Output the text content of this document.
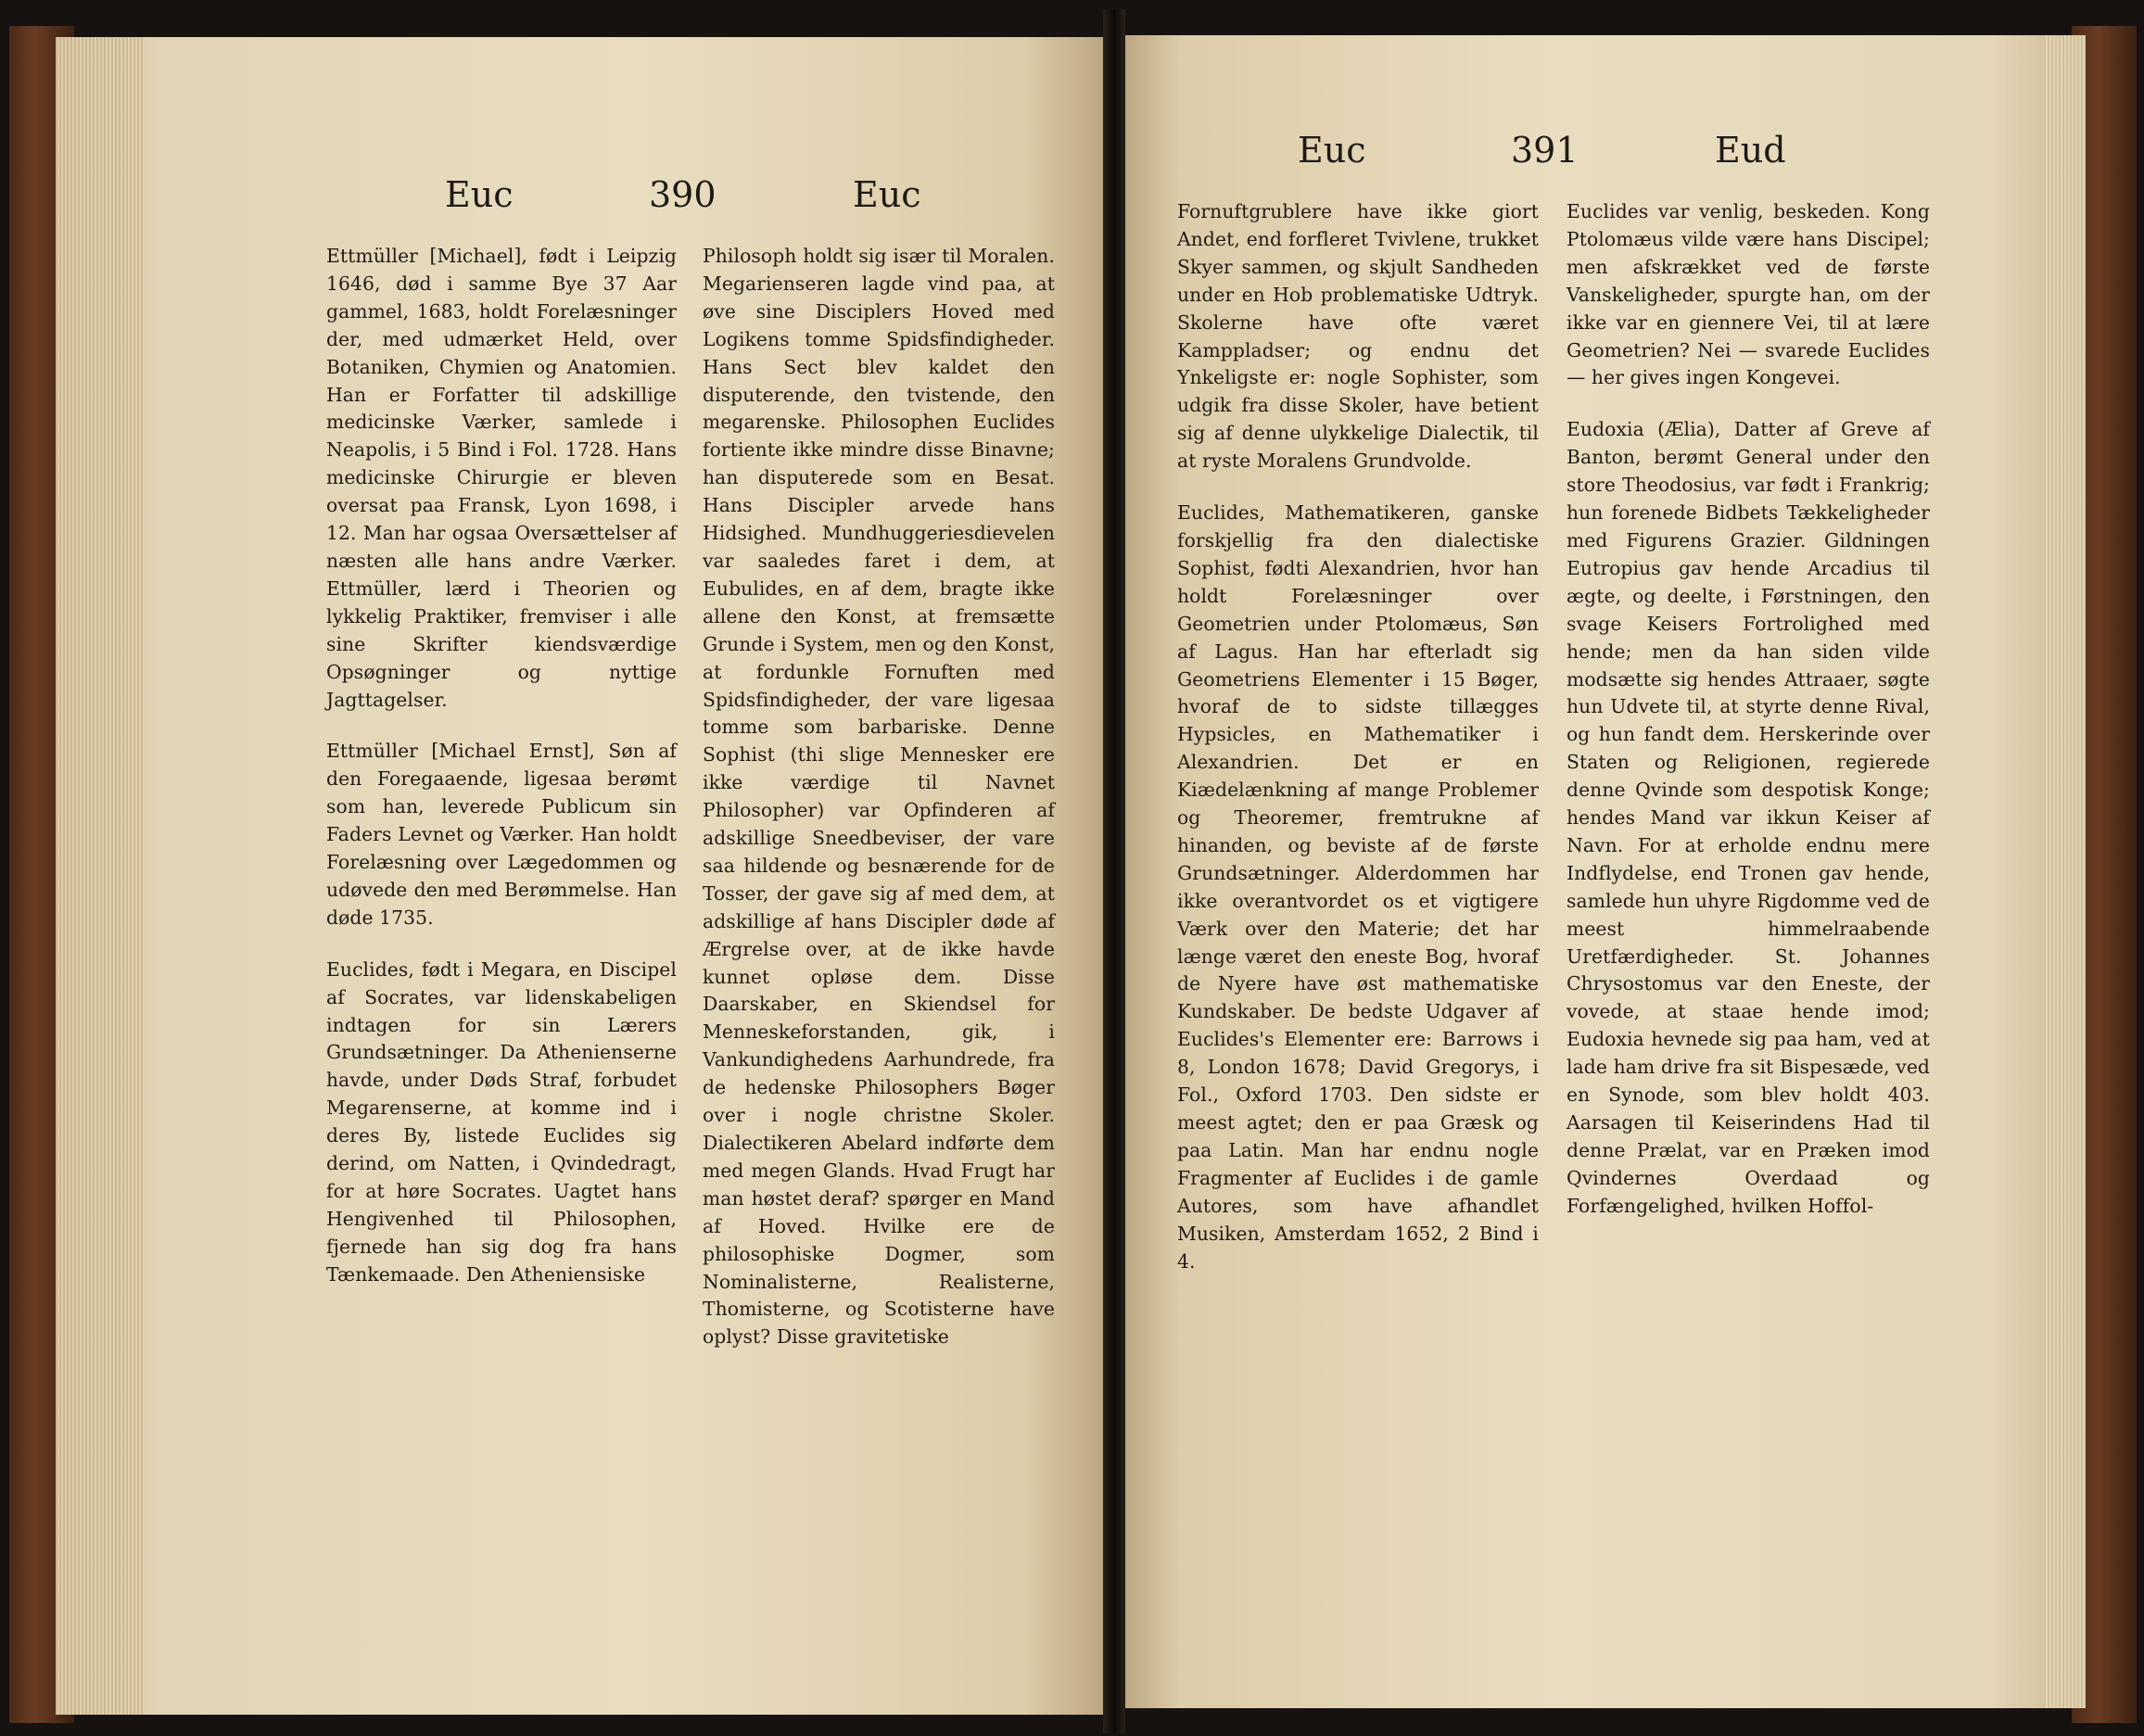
Euc	390	Euc

Ettmüller [Michael], født i Leipzig 1646, død i samme Bye 37 Aar gammel, 1683, holdt Forelæsninger der, med udmærket Held, over Botaniken, Chymien og Anatomien. Han er Forfatter til adskillige medicinske Værker, samlede i Neapolis, i 5 Bind i Fol. 1728. Hans medicinske Chirurgie er bleven oversat paa Fransk, Lyon 1698, i 12. Man har ogsaa Oversættelser af næsten alle hans andre Værker. Ettmüller, lærd i Theorien og lykkelig Praktiker, fremviser i alle sine Skrifter kiendsværdige Opsøgninger og nyttige Jagttagelser.

Ettmüller [Michael Ernst], Søn af den Foregaaende, ligesaa berømt som han, leverede Publicum sin Faders Levnet og Værker. Han holdt Forelæsning over Lægedommen og udøvede den med Berømmelse. Han døde 1735.

Euclides, født i Megara, en Discipel af Socrates, var lidenskabeligen indtagen for sin Lærers Grundsætninger. Da Athenienserne havde, under Døds Straf, forbudet Megarenserne, at komme ind i deres By, listede Euclides sig derind, om Natten, i Qvindedragt, for at høre Socrates. Uagtet hans Hengivenhed til Philosophen, fjernede han sig dog fra hans Tænkemaade. Den Atheniensiske

Philosoph holdt sig især til Moralen. Megarienseren lagde vind paa, at øve sine Disciplers Hoved med Logikens tomme Spidsfindigheder. Hans Sect blev kaldet den disputerende, den tvistende, den megarenske. Philosophen Euclides fortiente ikke mindre disse Binavne; han disputerede som en Besat. Hans Discipler arvede hans Hidsighed. Mundhuggeriesdievelen var saaledes faret i dem, at Eubulides, en af dem, bragte ikke allene den Konst, at fremsætte Grunde i System, men og den Konst, at fordunkle Fornuften med Spidsfindigheder, der vare ligesaa tomme som barbariske. Denne Sophist (thi slige Mennesker ere ikke værdige til Navnet Philosopher) var Opfinderen af adskillige Sneedbeviser, der vare saa hildende og besnærende for de Tosser, der gave sig af med dem, at adskillige af hans Discipler døde af Ærgrelse over, at de ikke havde kunnet opløse dem. Disse Daarskaber, en Skiendsel for Menneskeforstanden, gik, i Vankundighedens Aarhundrede, fra de hedenske Philosophers Bøger over i nogle christne Skoler. Dialectikeren Abelard indførte dem med megen Glands. Hvad Frugt har man høstet deraf? spørger en Mand af Hoved. Hvilke ere de philosophiske Dogmer, som Nominalisterne, Realisterne, Thomisterne, og Scotisterne have oplyst? Disse gravitetiske

Euc	391	Eud

Fornuftgrublere have ikke giort Andet, end forfleret Tvivlene, trukket Skyer sammen, og skjult Sandheden under en Hob problematiske Udtryk. Skolerne have ofte været Kamppladser; og endnu det Ynkeligste er: nogle Sophister, som udgik fra disse Skoler, have betient sig af denne ulykkelige Dialectik, til at ryste Moralens Grundvolde.

Euclides, Mathematikeren, ganske forskjellig fra den dialectiske Sophist, fødti Alexandrien, hvor han holdt Forelæsninger over Geometrien under Ptolomæus, Søn af Lagus. Han har efterladt sig Geometriens Elementer i 15 Bøger, hvoraf de to sidste tillægges Hypsicles, en Mathematiker i Alexandrien. Det er en Kiædelænkning af mange Problemer og Theoremer, fremtrukne af hinanden, og beviste af de første Grundsætninger. Alderdommen har ikke overantvordet os et vigtigere Værk over den Materie; det har længe været den eneste Bog, hvoraf de Nyere have øst mathematiske Kundskaber. De bedste Udgaver af Euclides's Elementer ere: Barrows i 8, London 1678; David Gregorys, i Fol., Oxford 1703. Den sidste er meest agtet; den er paa Græsk og paa Latin. Man har endnu nogle Fragmenter af Euclides i de gamle Autores, som have afhandlet Musiken, Amsterdam 1652, 2 Bind i 4.

Euclides var venlig, beskeden. Kong Ptolomæus vilde være hans Discipel; men afskrækket ved de første Vanskeligheder, spurgte han, om der ikke var en giennere Vei, til at lære Geometrien? Nei — svarede Euclides — her gives ingen Kongevei.

Eudoxia (Ælia), Datter af Greve af Banton, berømt General under den store Theodosius, var født i Frankrig; hun forenede Bidbets Tækkeligheder med Figurens Grazier. Gildningen Eutropius gav hende Arcadius til ægte, og deelte, i Førstningen, den svage Keisers Fortrolighed med hende; men da han siden vilde modsætte sig hendes Attraaer, søgte hun Udvete til, at styrte denne Rival, og hun fandt dem. Herskerinde over Staten og Religionen, regierede denne Qvinde som despotisk Konge; hendes Mand var ikkun Keiser af Navn. For at erholde endnu mere Indflydelse, end Tronen gav hende, samlede hun uhyre Rigdomme ved de meest himmelraabende Uretfærdigheder. St. Johannes Chrysostomus var den Eneste, der vovede, at staae hende imod; Eudoxia hevnede sig paa ham, ved at lade ham drive fra sit Bispesæde, ved en Synode, som blev holdt 403. Aarsagen til Keiserindens Had til denne Prælat, var en Præken imod Qvindernes Overdaad og Forfængelighed, hvilken Hoffol-
